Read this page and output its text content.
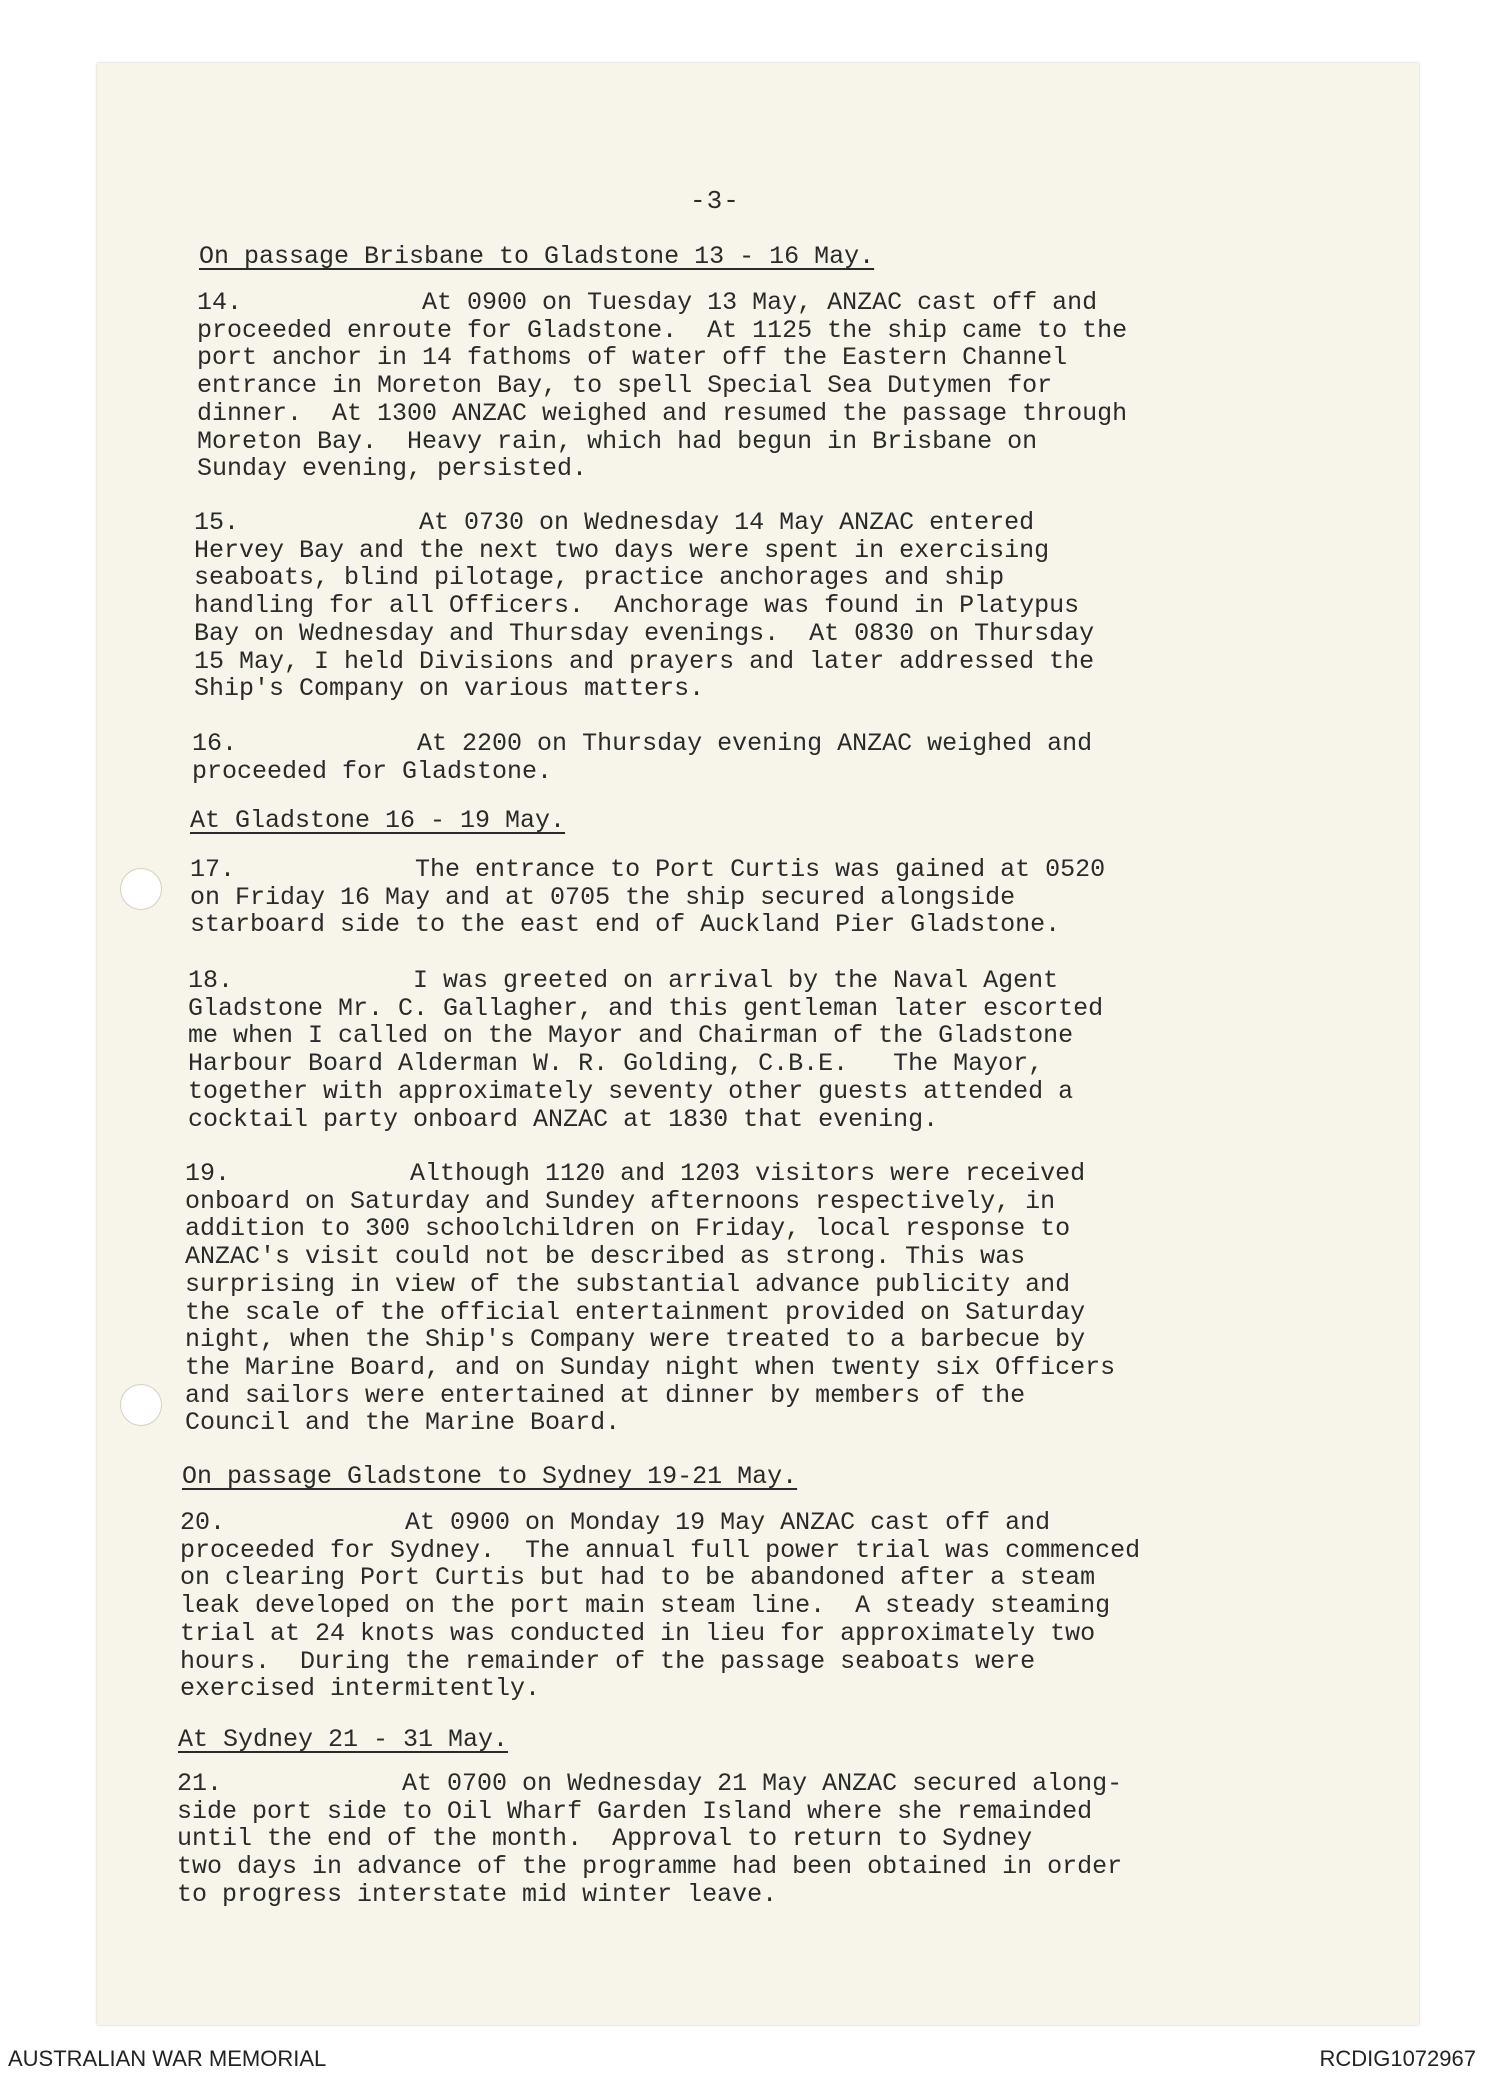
-3-
On passage Brisbane to Gladstone 13 - 16 May.
14.            At 0900 on Tuesday 13 May, ANZAC cast off and
proceeded enroute for Gladstone.  At 1125 the ship came to the
port anchor in 14 fathoms of water off the Eastern Channel
entrance in Moreton Bay, to spell Special Sea Dutymen for
dinner.  At 1300 ANZAC weighed and resumed the passage through
Moreton Bay.  Heavy rain, which had begun in Brisbane on
Sunday evening, persisted.
15.            At 0730 on Wednesday 14 May ANZAC entered
Hervey Bay and the next two days were spent in exercising
seaboats, blind pilotage, practice anchorages and ship
handling for all Officers.  Anchorage was found in Platypus
Bay on Wednesday and Thursday evenings.  At 0830 on Thursday
15 May, I held Divisions and prayers and later addressed the
Ship's Company on various matters.
16.            At 2200 on Thursday evening ANZAC weighed and
proceeded for Gladstone.
At Gladstone 16 - 19 May.
17.            The entrance to Port Curtis was gained at 0520
on Friday 16 May and at 0705 the ship secured alongside
starboard side to the east end of Auckland Pier Gladstone.
18.            I was greeted on arrival by the Naval Agent
Gladstone Mr. C. Gallagher, and this gentleman later escorted
me when I called on the Mayor and Chairman of the Gladstone
Harbour Board Alderman W. R. Golding, C.B.E.   The Mayor,
together with approximately seventy other guests attended a
cocktail party onboard ANZAC at 1830 that evening.
19.            Although 1120 and 1203 visitors were received
onboard on Saturday and Sundey afternoons respectively, in
addition to 300 schoolchildren on Friday, local response to
ANZAC's visit could not be described as strong. This was
surprising in view of the substantial advance publicity and
the scale of the official entertainment provided on Saturday
night, when the Ship's Company were treated to a barbecue by
the Marine Board, and on Sunday night when twenty six Officers
and sailors were entertained at dinner by members of the
Council and the Marine Board.
On passage Gladstone to Sydney 19-21 May.
20.            At 0900 on Monday 19 May ANZAC cast off and
proceeded for Sydney.  The annual full power trial was commenced
on clearing Port Curtis but had to be abandoned after a steam
leak developed on the port main steam line.  A steady steaming
trial at 24 knots was conducted in lieu for approximately two
hours.  During the remainder of the passage seaboats were
exercised intermitently.
At Sydney 21 - 31 May.
21.            At 0700 on Wednesday 21 May ANZAC secured along-
side port side to Oil Wharf Garden Island where she remainded
until the end of the month.  Approval to return to Sydney
two days in advance of the programme had been obtained in order
to progress interstate mid winter leave.
AUSTRALIAN WAR MEMORIAL	RCDIG1072967
